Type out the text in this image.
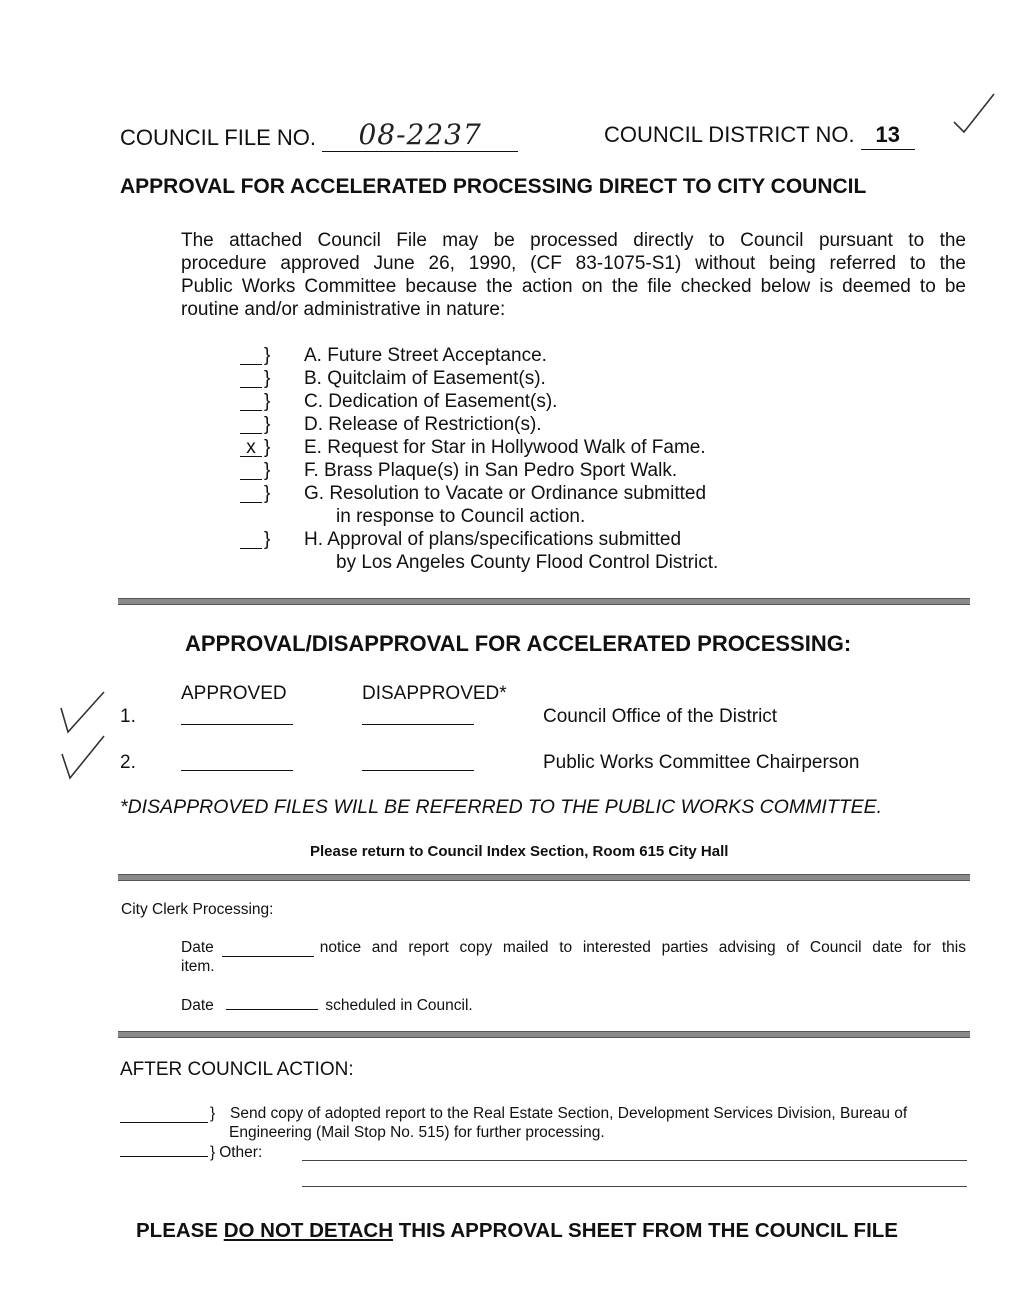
COUNCIL FILE NO. 08-2237	COUNCIL DISTRICT NO. 13
APPROVAL FOR ACCELERATED PROCESSING DIRECT TO CITY COUNCIL
The attached Council File may be processed directly to Council pursuant to the
procedure approved June 26, 1990, (CF 83-1075-S1) without being referred to the
Public Works Committee because the action on the file checked below is deemed to be
routine and/or administrative in nature:
}	A. Future Street Acceptance.
}	B. Quitclaim of Easement(s).
}	C. Dedication of Easement(s).
}	D. Release of Restriction(s).
x }	E. Request for Star in Hollywood Walk of Fame.
}	F. Brass Plaque(s) in San Pedro Sport Walk.
}	G. Resolution to Vacate or Ordinance submitted
in response to Council action.
}	H. Approval of plans/specifications submitted
by Los Angeles County Flood Control District.
APPROVAL/DISAPPROVAL FOR ACCELERATED PROCESSING:
APPROVED	DISAPPROVED*
1.	Council Office of the District
2.	Public Works Committee Chairperson
*DISAPPROVED FILES WILL BE REFERRED TO THE PUBLIC WORKS COMMITTEE.
Please return to Council Index Section, Room 615 City Hall
City Clerk Processing:
Date	notice and report copy mailed to interested parties advising of Council date for this
item.
Date	scheduled in Council.
AFTER COUNCIL ACTION:
} Send copy of adopted report to the Real Estate Section, Development Services Division, Bureau of
Engineering (Mail Stop No. 515) for further processing.
} Other:
PLEASE DO NOT DETACH THIS APPROVAL SHEET FROM THE COUNCIL FILE
